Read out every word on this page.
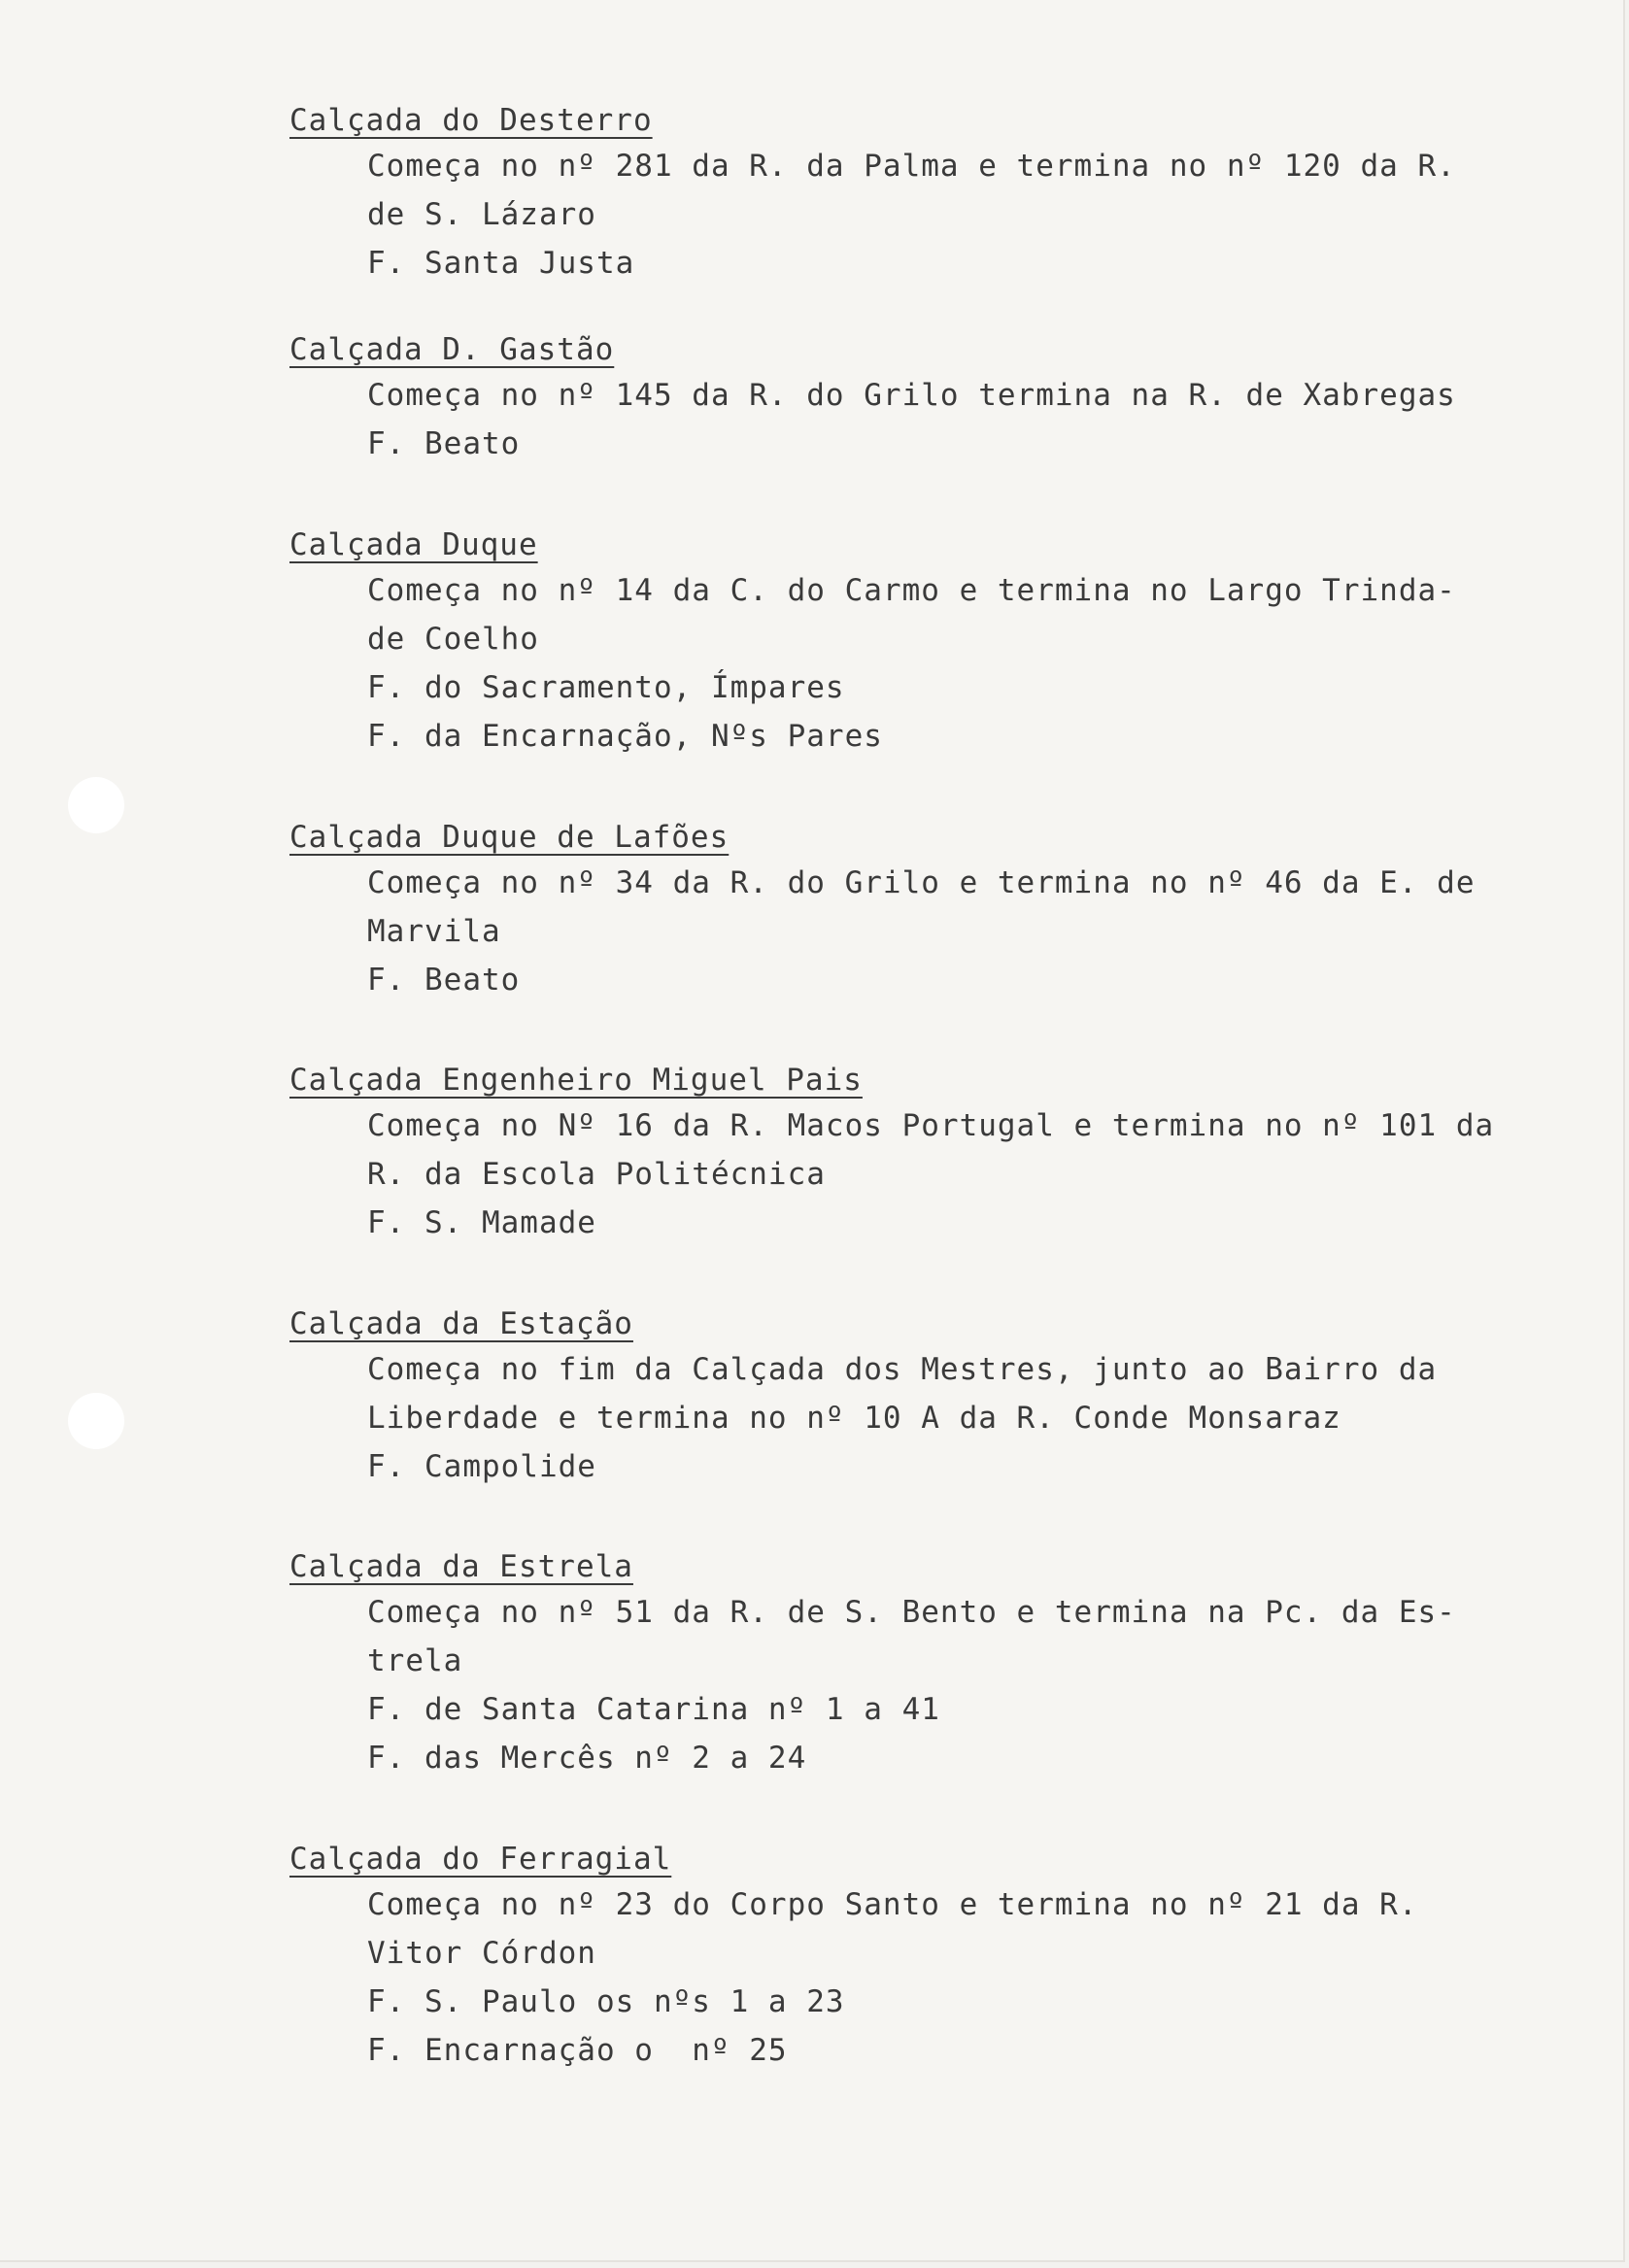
Calçada do Desterro

Começa no nº 281 da R. da Palma e termina no nº 120 da R.

de S. Lázaro

F. Santa Justa

Calçada D. Gastão

Começa no nº 145 da R. do Grilo termina na R. de Xabregas

F. Beato

Calçada Duque

Começa no nº 14 da C. do Carmo e termina no Largo Trinda-

de Coelho

F. do Sacramento, Ímpares

F. da Encarnação, Nºs Pares

Calçada Duque de Lafões

Começa no nº 34 da R. do Grilo e termina no nº 46 da E. de

Marvila

F. Beato

Calçada Engenheiro Miguel Pais

Começa no Nº 16 da R. Macos Portugal e termina no nº 101 da

R. da Escola Politécnica

F. S. Mamade

Calçada da Estação

Começa no fim da Calçada dos Mestres, junto ao Bairro da

Liberdade e termina no nº 10 A da R. Conde Monsaraz

F. Campolide

Calçada da Estrela

Começa no nº 51 da R. de S. Bento e termina na Pc. da Es-

trela

F. de Santa Catarina nº 1 a 41

F. das Mercês nº 2 a 24

Calçada do Ferragial

Começa no nº 23 do Corpo Santo e termina no nº 21 da R.

Vitor Córdon

F. S. Paulo os nºs 1 a 23

F. Encarnação o  nº 25
